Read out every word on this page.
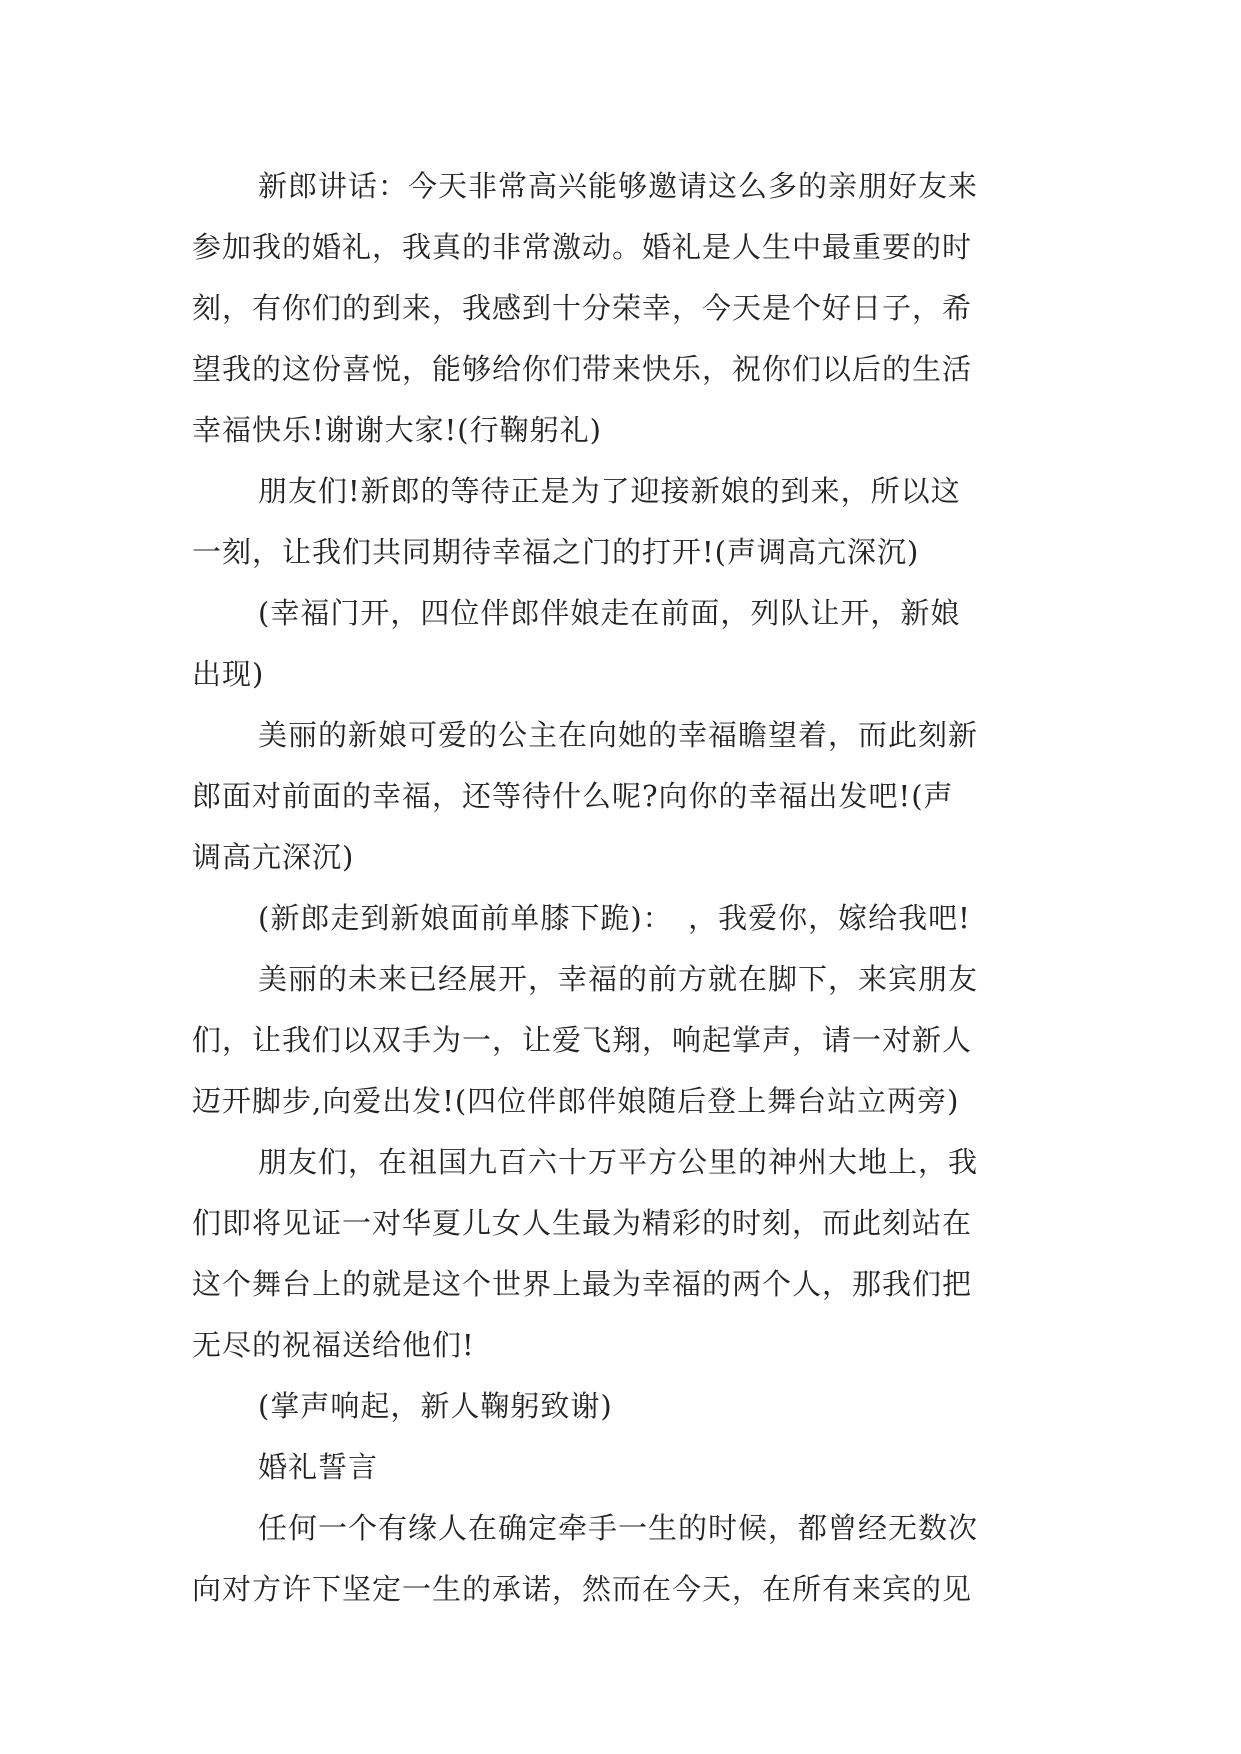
新郎讲话：今天非常高兴能够邀请这么多的亲朋好友来
参加我的婚礼，我真的非常激动。婚礼是人生中最重要的时
刻，有你们的到来，我感到十分荣幸，今天是个好日子，希
望我的这份喜悦，能够给你们带来快乐，祝你们以后的生活
幸福快乐!谢谢大家!(行鞠躬礼)

朋友们!新郎的等待正是为了迎接新娘的到来，所以这
一刻，让我们共同期待幸福之门的打开!(声调高亢深沉)

(幸福门开，四位伴郎伴娘走在前面，列队让开，新娘
出现)

美丽的新娘可爱的公主在向她的幸福瞻望着，而此刻新
郎面对前面的幸福，还等待什么呢?向你的幸福出发吧!(声
调高亢深沉)

(新郎走到新娘面前单膝下跪)：　，我爱你，嫁给我吧!

美丽的未来已经展开，幸福的前方就在脚下，来宾朋友
们，让我们以双手为一，让爱飞翔，响起掌声，请一对新人
迈开脚步,向爱出发!(四位伴郎伴娘随后登上舞台站立两旁)

朋友们，在祖国九百六十万平方公里的神州大地上，我
们即将见证一对华夏儿女人生最为精彩的时刻，而此刻站在
这个舞台上的就是这个世界上最为幸福的两个人，那我们把
无尽的祝福送给他们!

(掌声响起，新人鞠躬致谢)

婚礼誓言

任何一个有缘人在确定牵手一生的时候，都曾经无数次
向对方许下坚定一生的承诺，然而在今天，在所有来宾的见
